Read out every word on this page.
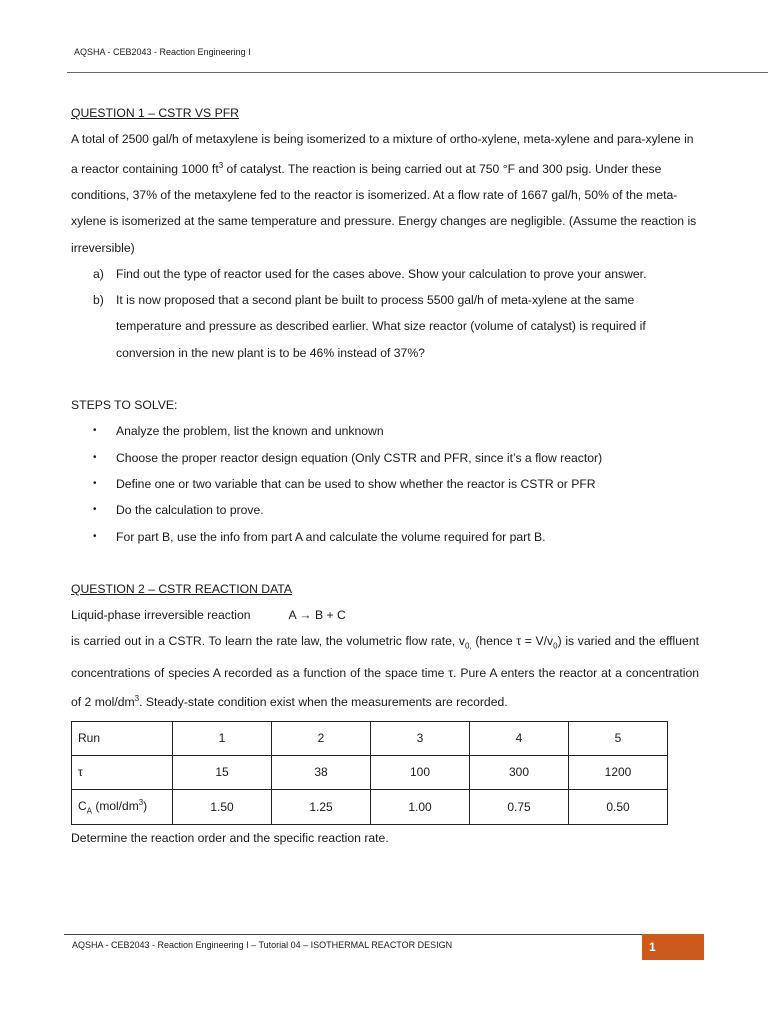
AQSHA - CEB2043 - Reaction Engineering I

QUESTION 1 – CSTR VS PFR

A total of 2500 gal/h of metaxylene is being isomerized to a mixture of ortho-xylene, meta-xylene and para-xylene in a reactor containing 1000 $ft^3$ of catalyst. The reaction is being carried out at 750 °F and 300 psig. Under these conditions, 37% of the metaxylene fed to the reactor is isomerized. At a flow rate of 1667 gal/h, 50% of the meta-xylene is isomerized at the same temperature and pressure. Energy changes are negligible. (Assume the reaction is irreversible)

a) Find out the type of reactor used for the cases above. Show your calculation to prove your answer.
b) It is now proposed that a second plant be built to process 5500 gal/h of meta-xylene at the same temperature and pressure as described earlier. What size reactor (volume of catalyst) is required if conversion in the new plant is to be 46% instead of 37%?

STEPS TO SOLVE:

• Analyze the problem, list the known and unknown
• Choose the proper reactor design equation (Only CSTR and PFR, since it’s a flow reactor)
• Define one or two variable that can be used to show whether the reactor is CSTR or PFR
• Do the calculation to prove.
• For part B, use the info from part A and calculate the volume required for part B.

QUESTION 2 – CSTR REACTION DATA

Liquid-phase irreversible reaction	A → B + C

is carried out in a CSTR. To learn the rate law, the volumetric flow rate, $v_{0,}$ (hence $\tau = V/v_0$) is varied and the effluent concentrations of species A recorded as a function of the space time τ. Pure A enters the reactor at a concentration of 2 mol/$dm^3$. Steady-state condition exist when the measurements are recorded.

Run	1	2	3	4	5
τ	15	38	100	300	1200
$C_A$ $(mol/dm^3)$	1.50	1.25	1.00	0.75	0.50

Determine the reaction order and the specific reaction rate.

AQSHA - CEB2043 - Reaction Engineering I – Tutorial 04 – ISOTHERMAL REACTOR DESIGN	1
